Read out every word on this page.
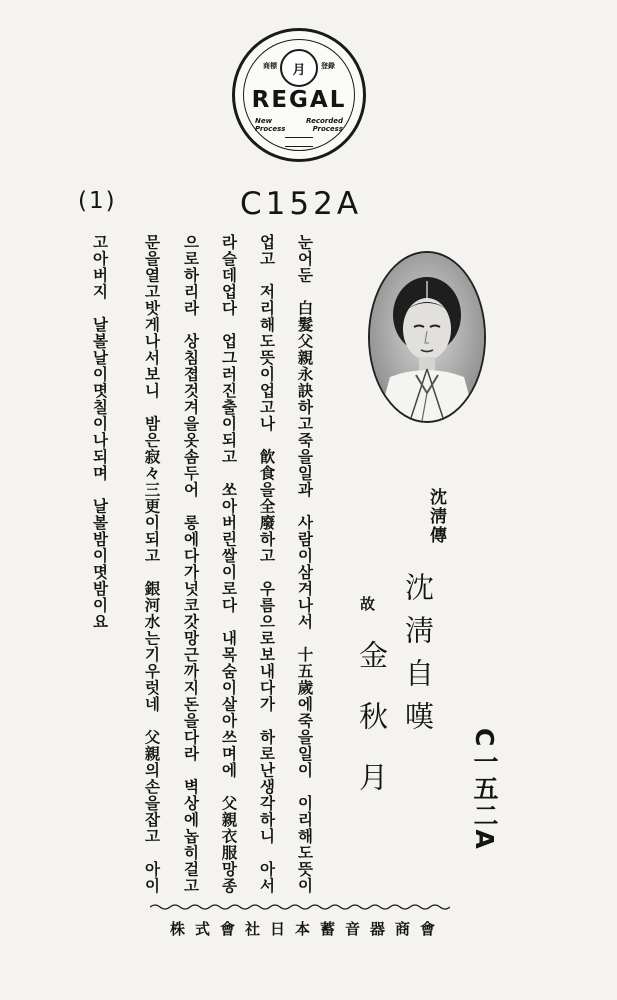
商標	月	登錄
REGAL
New Process
Recorded Process
C152A
(1)
눈어둔　白髮父親永訣하고죽을일과　사람이삼겨나서　十五歲에죽을일이　이리해도뜻이
업고　저리해도뜻이업고나　飮食을全廢하고　우름으로보내다가　하로난생각하니　아서
라슬데업다　업그러진출이되고　쏘아버린쌀이로다　내목숨이살아쓰며에　父親衣服망종
으로하리라　상침졉것겨을옷솜두어　롱에다가넛코갓망근까지돈을다라　벽상에놉히걸고
문을열고밧게나서보니　밤은寂々三更이되고　銀河水는기우럿네　父親의손을잡고　아이
고아버지　날볼날이몃칠이나되며　날볼밤이몃밤이요	沈淸傳
沈淸自嘆
故
金秋月	C一五二A
株式會社日本蓄音器商會
